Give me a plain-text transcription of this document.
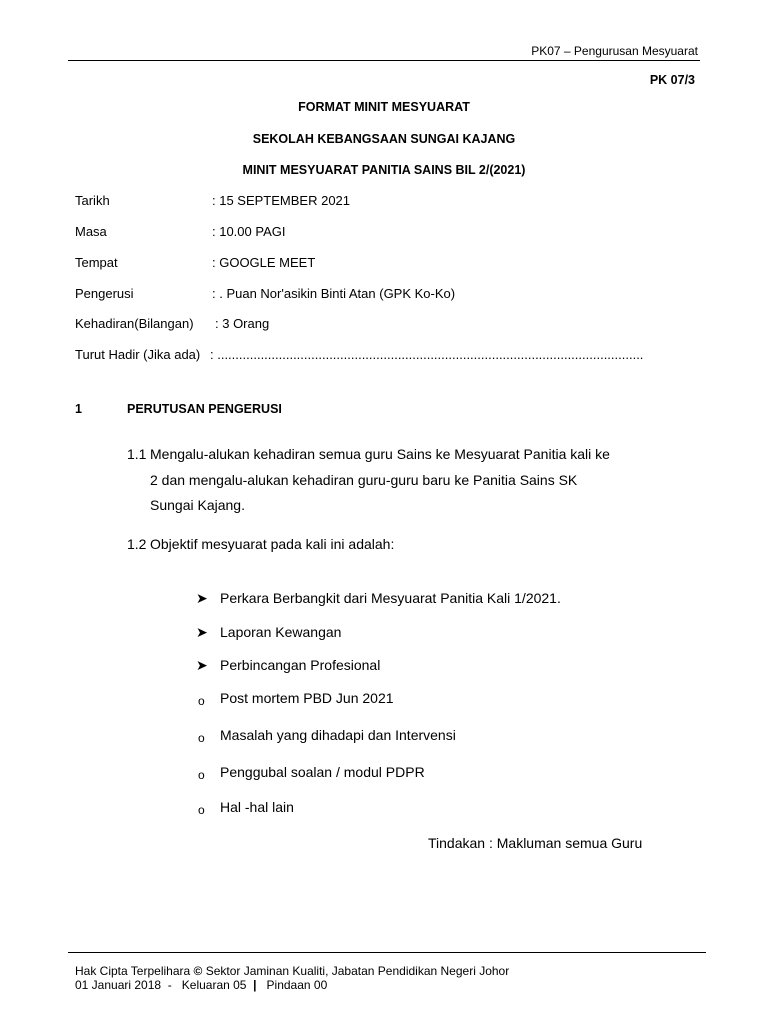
PK07 – Pengurusan Mesyuarat
PK 07/3
FORMAT MINIT MESYUARAT
SEKOLAH KEBANGSAAN SUNGAI KAJANG
MINIT MESYUARAT PANITIA SAINS BIL 2/(2021)
Tarikh	: 15 SEPTEMBER 2021
Masa	: 10.00 PAGI
Tempat	: GOOGLE MEET
Pengerusi	: . Puan Nor'asikin Binti Atan (GPK Ko-Ko)
Kehadiran(Bilangan) : 3 Orang
Turut Hadir (Jika ada) : ......................................................................................................................
1	PERUTUSAN PENGERUSI
1.1 Mengalu-alukan kehadiran semua guru Sains ke Mesyuarat Panitia kali ke
2 dan mengalu-alukan kehadiran guru-guru baru ke Panitia Sains SK
Sungai Kajang.
1.2 Objektif mesyuarat pada kali ini adalah:
➤ Perkara Berbangkit dari Mesyuarat Panitia Kali 1/2021.
➤ Laporan Kewangan
➤ Perbincangan Profesional
o Post mortem PBD Jun 2021
o Masalah yang dihadapi dan Intervensi
o Penggubal soalan / modul PDPR
o Hal -hal lain
Tindakan : Makluman semua Guru
Hak Cipta Terpelihara © Sektor Jaminan Kualiti, Jabatan Pendidikan Negeri Johor
01 Januari 2018  -   Keluaran 05  |   Pindaan 00
